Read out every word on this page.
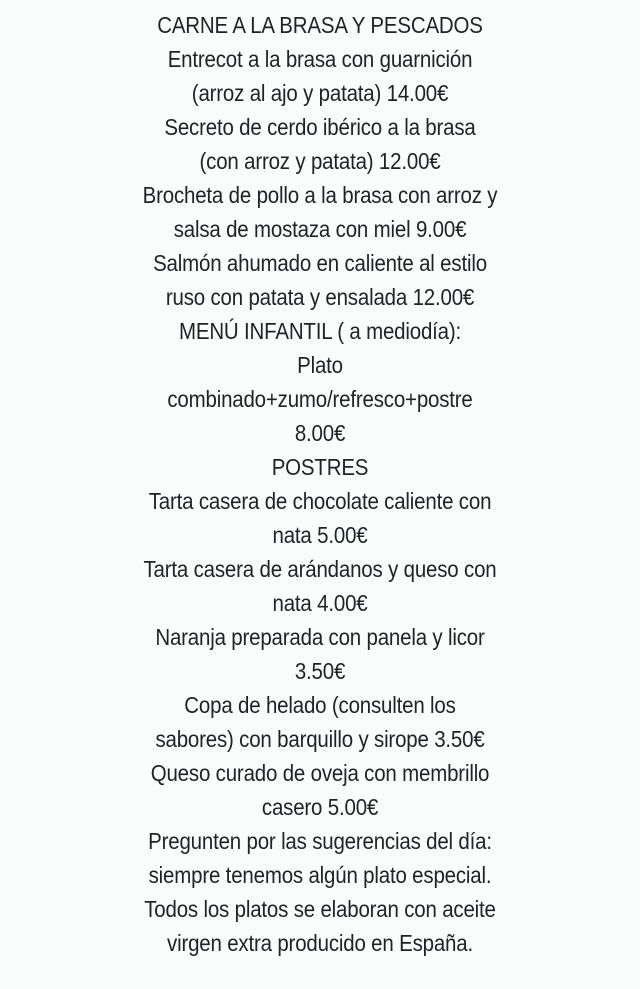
CARNE A LA BRASA Y PESCADOS
Entrecot a la brasa con guarnición
(arroz al ajo y patata) 14.00€
Secreto de cerdo ibérico a la brasa
(con arroz y patata) 12.00€
Brocheta de pollo a la brasa con arroz y
salsa de mostaza con miel 9.00€
Salmón ahumado en caliente al estilo
ruso con patata y ensalada 12.00€
MENÚ INFANTIL ( a mediodía):
Plato
combinado+zumo/refresco+postre
8.00€
POSTRES
Tarta casera de chocolate caliente con
nata 5.00€
Tarta casera de arándanos y queso con
nata 4.00€
Naranja preparada con panela y licor
3.50€
Copa de helado (consulten los
sabores) con barquillo y sirope 3.50€
Queso curado de oveja con membrillo
casero 5.00€
Pregunten por las sugerencias del día:
siempre tenemos algún plato especial.
Todos los platos se elaboran con aceite
virgen extra producido en España.
